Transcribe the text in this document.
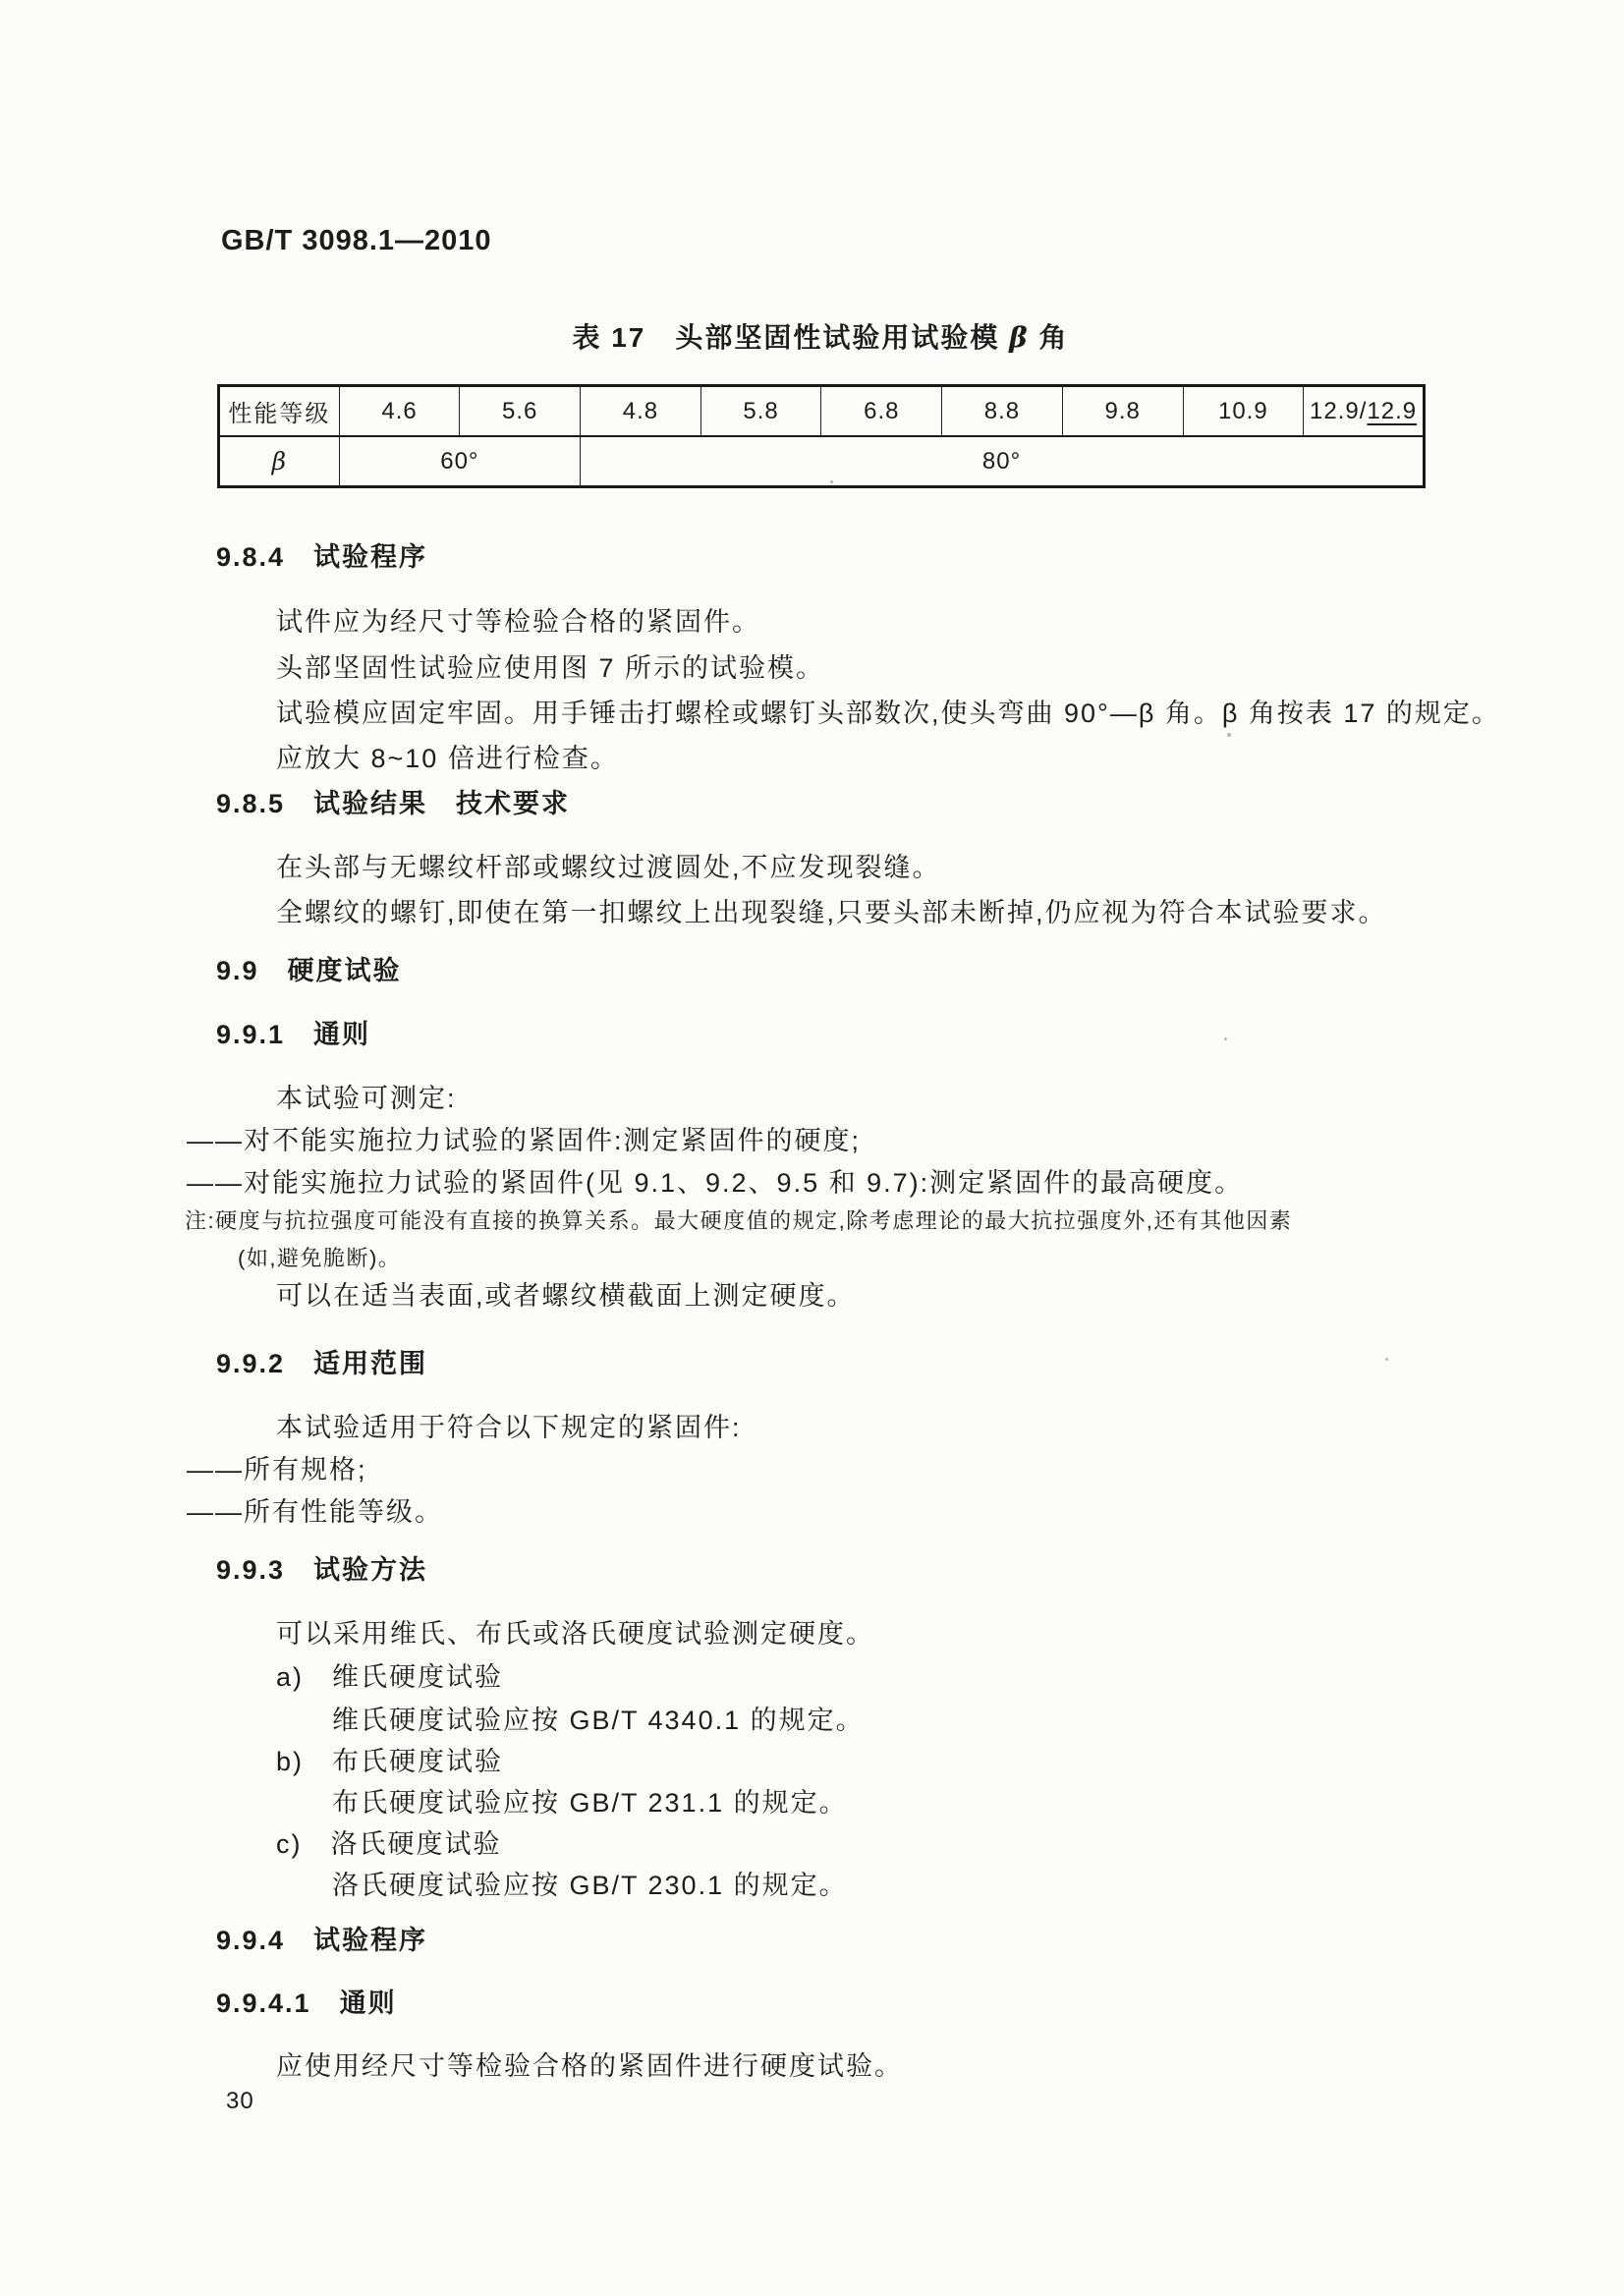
GB/T 3098.1—2010
表 17　头部坚固性试验用试验模 β 角
性能等级	4.6	5.6	4.8	5.8	6.8	8.8	9.8	10.9	12.9/12.9
β	60°		80°						
9.8.4　试验程序
试件应为经尺寸等检验合格的紧固件。
头部坚固性试验应使用图 7 所示的试验模。
试验模应固定牢固。用手锤击打螺栓或螺钉头部数次,使头弯曲 90°—β 角。β 角按表 17 的规定。
应放大 8~10 倍进行检查。
9.8.5　试验结果　技术要求
在头部与无螺纹杆部或螺纹过渡圆处,不应发现裂缝。
全螺纹的螺钉,即使在第一扣螺纹上出现裂缝,只要头部未断掉,仍应视为符合本试验要求。
9.9　硬度试验
9.9.1　通则
本试验可测定:
——对不能实施拉力试验的紧固件:测定紧固件的硬度;
——对能实施拉力试验的紧固件(见 9.1、9.2、9.5 和 9.7):测定紧固件的最高硬度。
注:硬度与抗拉强度可能没有直接的换算关系。最大硬度值的规定,除考虑理论的最大抗拉强度外,还有其他因素
(如,避免脆断)。
可以在适当表面,或者螺纹横截面上测定硬度。
9.9.2　适用范围
本试验适用于符合以下规定的紧固件:
——所有规格;
——所有性能等级。
9.9.3　试验方法
可以采用维氏、布氏或洛氏硬度试验测定硬度。
a)　维氏硬度试验
维氏硬度试验应按 GB/T 4340.1 的规定。
b)　布氏硬度试验
布氏硬度试验应按 GB/T 231.1 的规定。
c)　洛氏硬度试验
洛氏硬度试验应按 GB/T 230.1 的规定。
9.9.4　试验程序
9.9.4.1　通则
应使用经尺寸等检验合格的紧固件进行硬度试验。
30
